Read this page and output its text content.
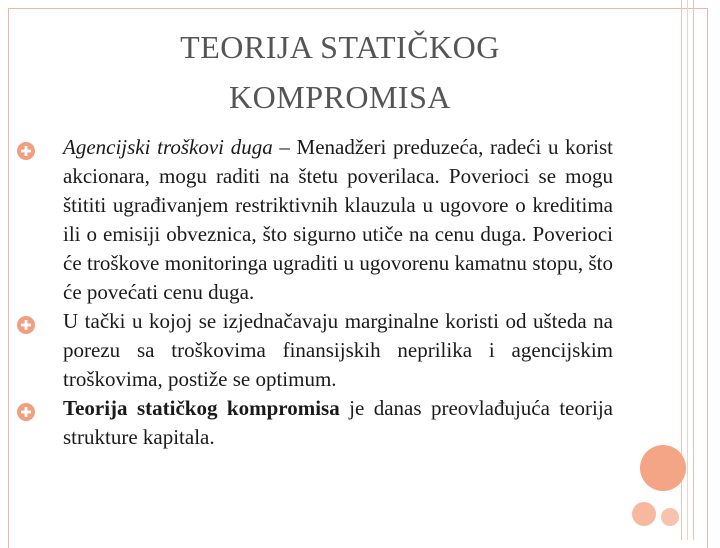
TEORIJA STATIČKOG
KOMPROMISA
Agencijski troškovi duga – Menadžeri preduzeća, radeći u korist akcionara, mogu raditi na štetu poverilaca. Poverioci se mogu štititi ugrađivanjem restriktivnih klauzula u ugovore o kreditima ili o emisiji obveznica, što sigurno utiče na cenu duga. Poverioci će troškove monitoringa ugraditi u ugovorenu kamatnu stopu, što će povećati cenu duga.
U tački u kojoj se izjednačavaju marginalne koristi od ušteda na porezu sa troškovima finansijskih neprilika i agencijskim troškovima, postiže se optimum.
Teorija statičkog kompromisa je danas preovlađujuća teorija strukture kapitala.
